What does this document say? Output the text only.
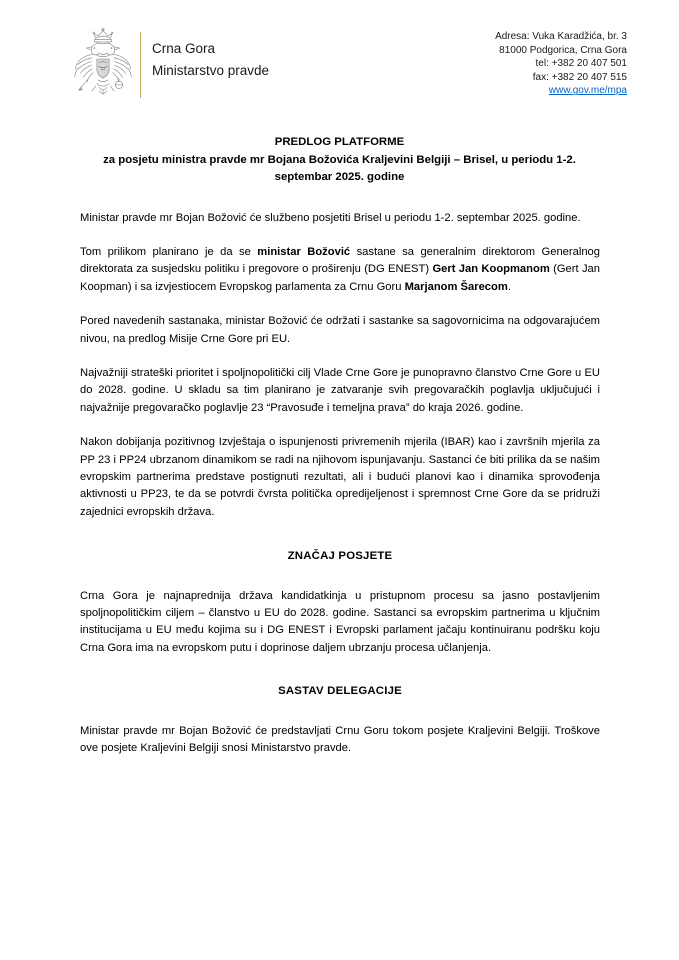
Crna Gora
Ministarstvo pravde
Adresa: Vuka Karadžića, br. 3
81000 Podgorica, Crna Gora
tel: +382 20 407 501
fax: +382 20 407 515
www.gov.me/mpa
PREDLOG PLATFORME
za posjetu ministra pravde mr Bojana Božovića Kraljevini Belgiji – Brisel, u periodu 1-2.
septembar 2025. godine

Ministar pravde mr Bojan Božović će službeno posjetiti Brisel u periodu 1-2. septembar 2025. godine.

Tom prilikom planirano je da se ministar Božović sastane sa generalnim direktorom Generalnog direktorata za susjedsku politiku i pregovore o proširenju (DG ENEST) Gert Jan Koopmanom (Gert Jan Koopman) i sa izvjestiocem Evropskog parlamenta za Crnu Goru Marjanom Šarecom.

Pored navedenih sastanaka, ministar Božović će održati i sastanke sa sagovornicima na odgovarajućem nivou, na predlog Misije Crne Gore pri EU.

Najvažniji strateški prioritet i spoljnopolitički cilj Vlade Crne Gore je punopravno članstvo Crne Gore u EU do 2028. godine. U skladu sa tim planirano je zatvaranje svih pregovaračkih poglavlja uključujući i najvažnije pregovaračko poglavlje 23 “Pravosuđe i temeljna prava” do kraja 2026. godine.

Nakon dobijanja pozitivnog Izvještaja o ispunjenosti privremenih mjerila (IBAR) kao i završnih mjerila za PP 23 i PP24 ubrzanom dinamikom se radi na njihovom ispunjavanju. Sastanci će biti prilika da se našim evropskim partnerima predstave postignuti rezultati, ali i budući planovi kao i dinamika sprovođenja aktivnosti u PP23, te da se potvrdi čvrsta politička opredijeljenost i spremnost Crne Gore da se pridruži zajednici evropskih država.

ZNAČAJ POSJETE

Crna Gora je najnaprednija država kandidatkinja u pristupnom procesu sa jasno postavljenim spoljnopolitičkim ciljem – članstvo u EU do 2028. godine. Sastanci sa evropskim partnerima u ključnim institucijama u EU među kojima su i DG ENEST i Evropski parlament jačaju kontinuiranu podršku koju Crna Gora ima na evropskom putu i doprinose daljem ubrzanju procesa učlanjenja.

SASTAV DELEGACIJE

Ministar pravde mr Bojan Božović će predstavljati Crnu Goru tokom posjete Kraljevini Belgiji. Troškove ove posjete Kraljevini Belgiji snosi Ministarstvo pravde.
